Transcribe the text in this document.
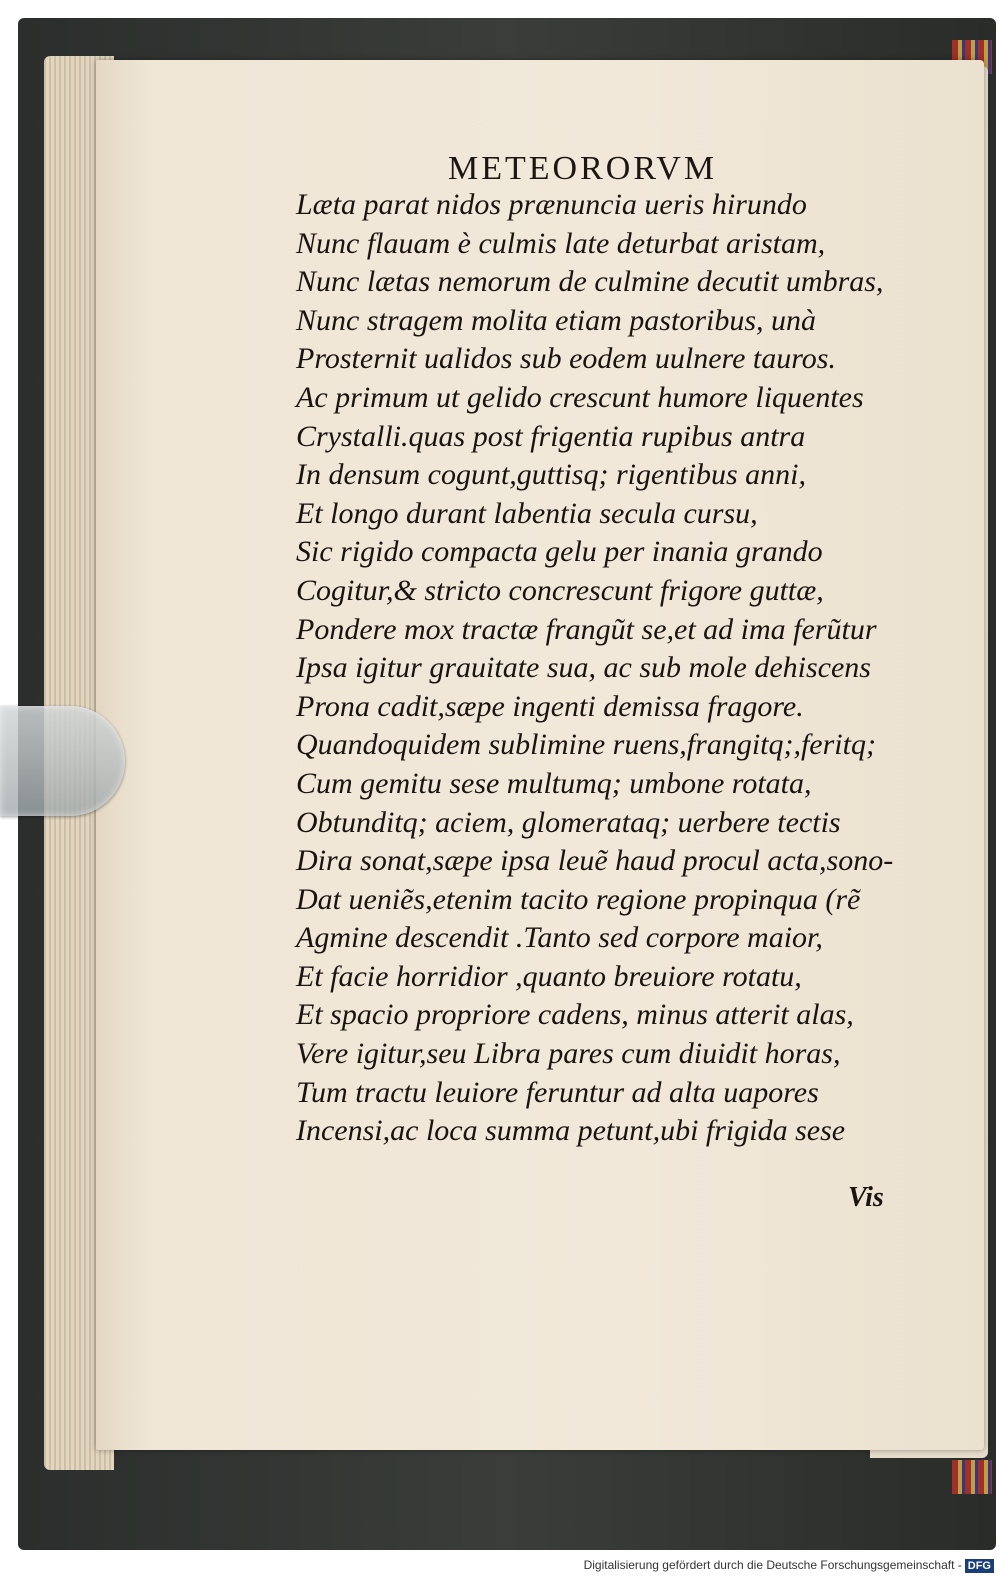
METEORORVM
Læta parat nidos prænuncia ueris hirundo
Nunc flauam è culmis late deturbat aristam,
Nunc lætas nemorum de culmine decutit umbras,
Nunc stragem molita etiam pastoribus, unà
Prosternit ualidos sub eodem uulnere tauros.
Ac primum ut gelido crescunt humore liquentes
Crystalli.quas post frigentia rupibus antra
In densum cogunt,guttisq; rigentibus anni,
Et longo durant labentia secula cursu,
Sic rigido compacta gelu per inania grando
Cogitur,& stricto concrescunt frigore guttæ,
Pondere mox tractæ frangũt se,et ad ima ferũtur
Ipsa igitur grauitate sua, ac sub mole dehiscens
Prona cadit,sæpe ingenti demissa fragore.
Quandoquidem sublimine ruens,frangitq;,feritq;
Cum gemitu sese multumq; umbone rotata,
Obtunditq; aciem, glomerataq; uerbere tectis
Dira sonat,sæpe ipsa leuẽ haud procul acta,sono-
Dat ueniẽs,etenim tacito regione propinqua (rẽ
Agmine descendit .Tanto sed corpore maior,
Et facie horridior ,quanto breuiore rotatu,
Et spacio propriore cadens, minus atterit alas,
Vere igitur,seu Libra pares cum diuidit horas,
Tum tractu leuiore feruntur ad alta uapores
Incensi,ac loca summa petunt,ubi frigida sese
Vis
Digitalisierung gefördert durch die Deutsche Forschungsgemeinschaft - DFG
